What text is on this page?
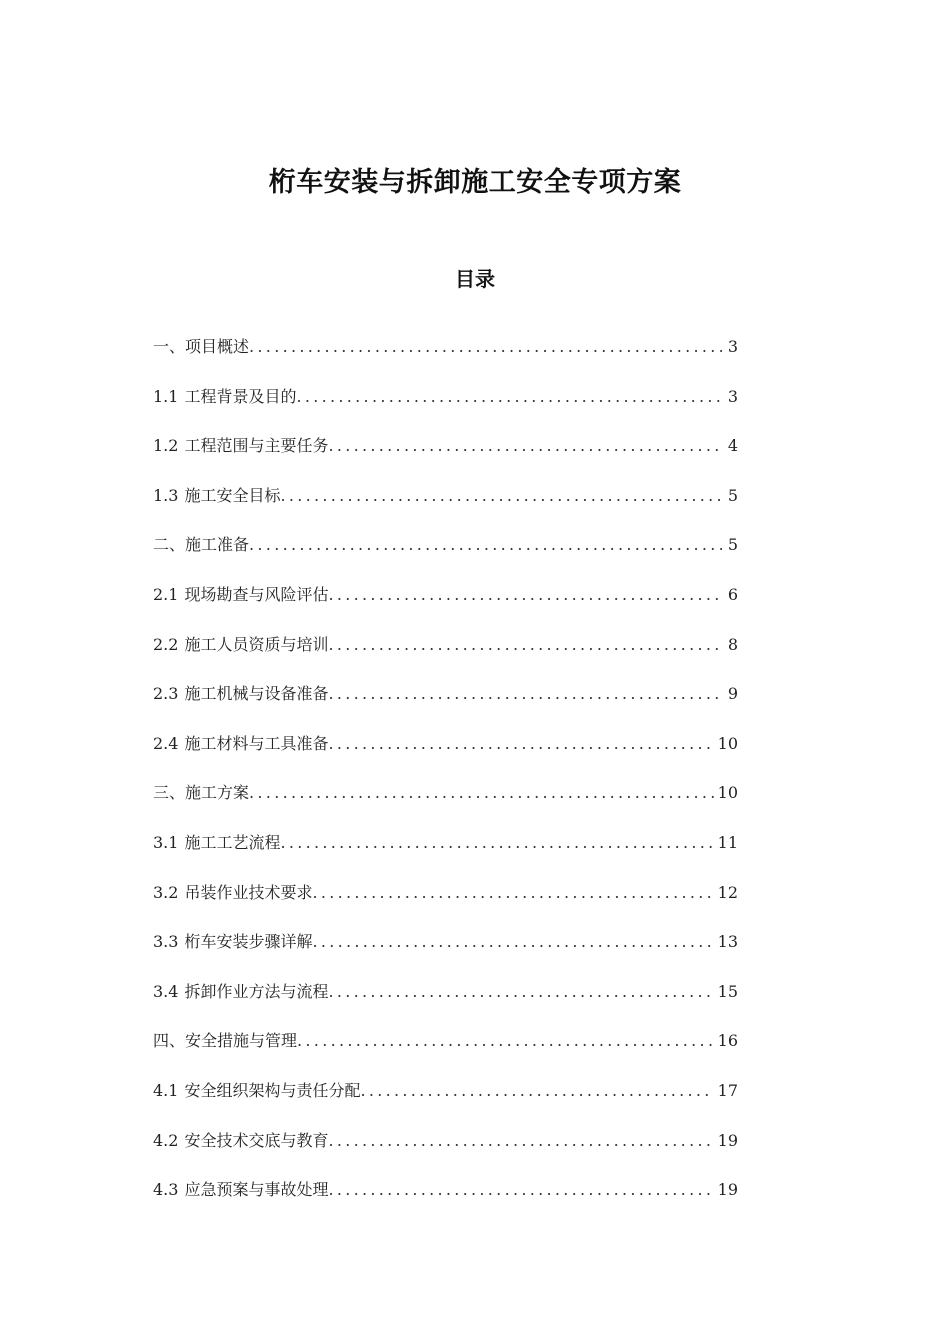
桁车安装与拆卸施工安全专项方案
目录
一、项目概述 .....	3
1.1 工程背景及目的 .....	3
1.2 工程范围与主要任务 .....	4
1.3 施工安全目标 .....	5
二、施工准备 .....	5
2.1 现场勘查与风险评估 .....	6
2.2 施工人员资质与培训 .....	8
2.3 施工机械与设备准备 .....	9
2.4 施工材料与工具准备 .....	10
三、施工方案 .....	10
3.1 施工工艺流程 .....	11
3.2 吊装作业技术要求 .....	12
3.3 桁车安装步骤详解 .....	13
3.4 拆卸作业方法与流程 .....	15
四、安全措施与管理 .....	16
4.1 安全组织架构与责任分配 .....	17
4.2 安全技术交底与教育 .....	19
4.3 应急预案与事故处理 .....	19
